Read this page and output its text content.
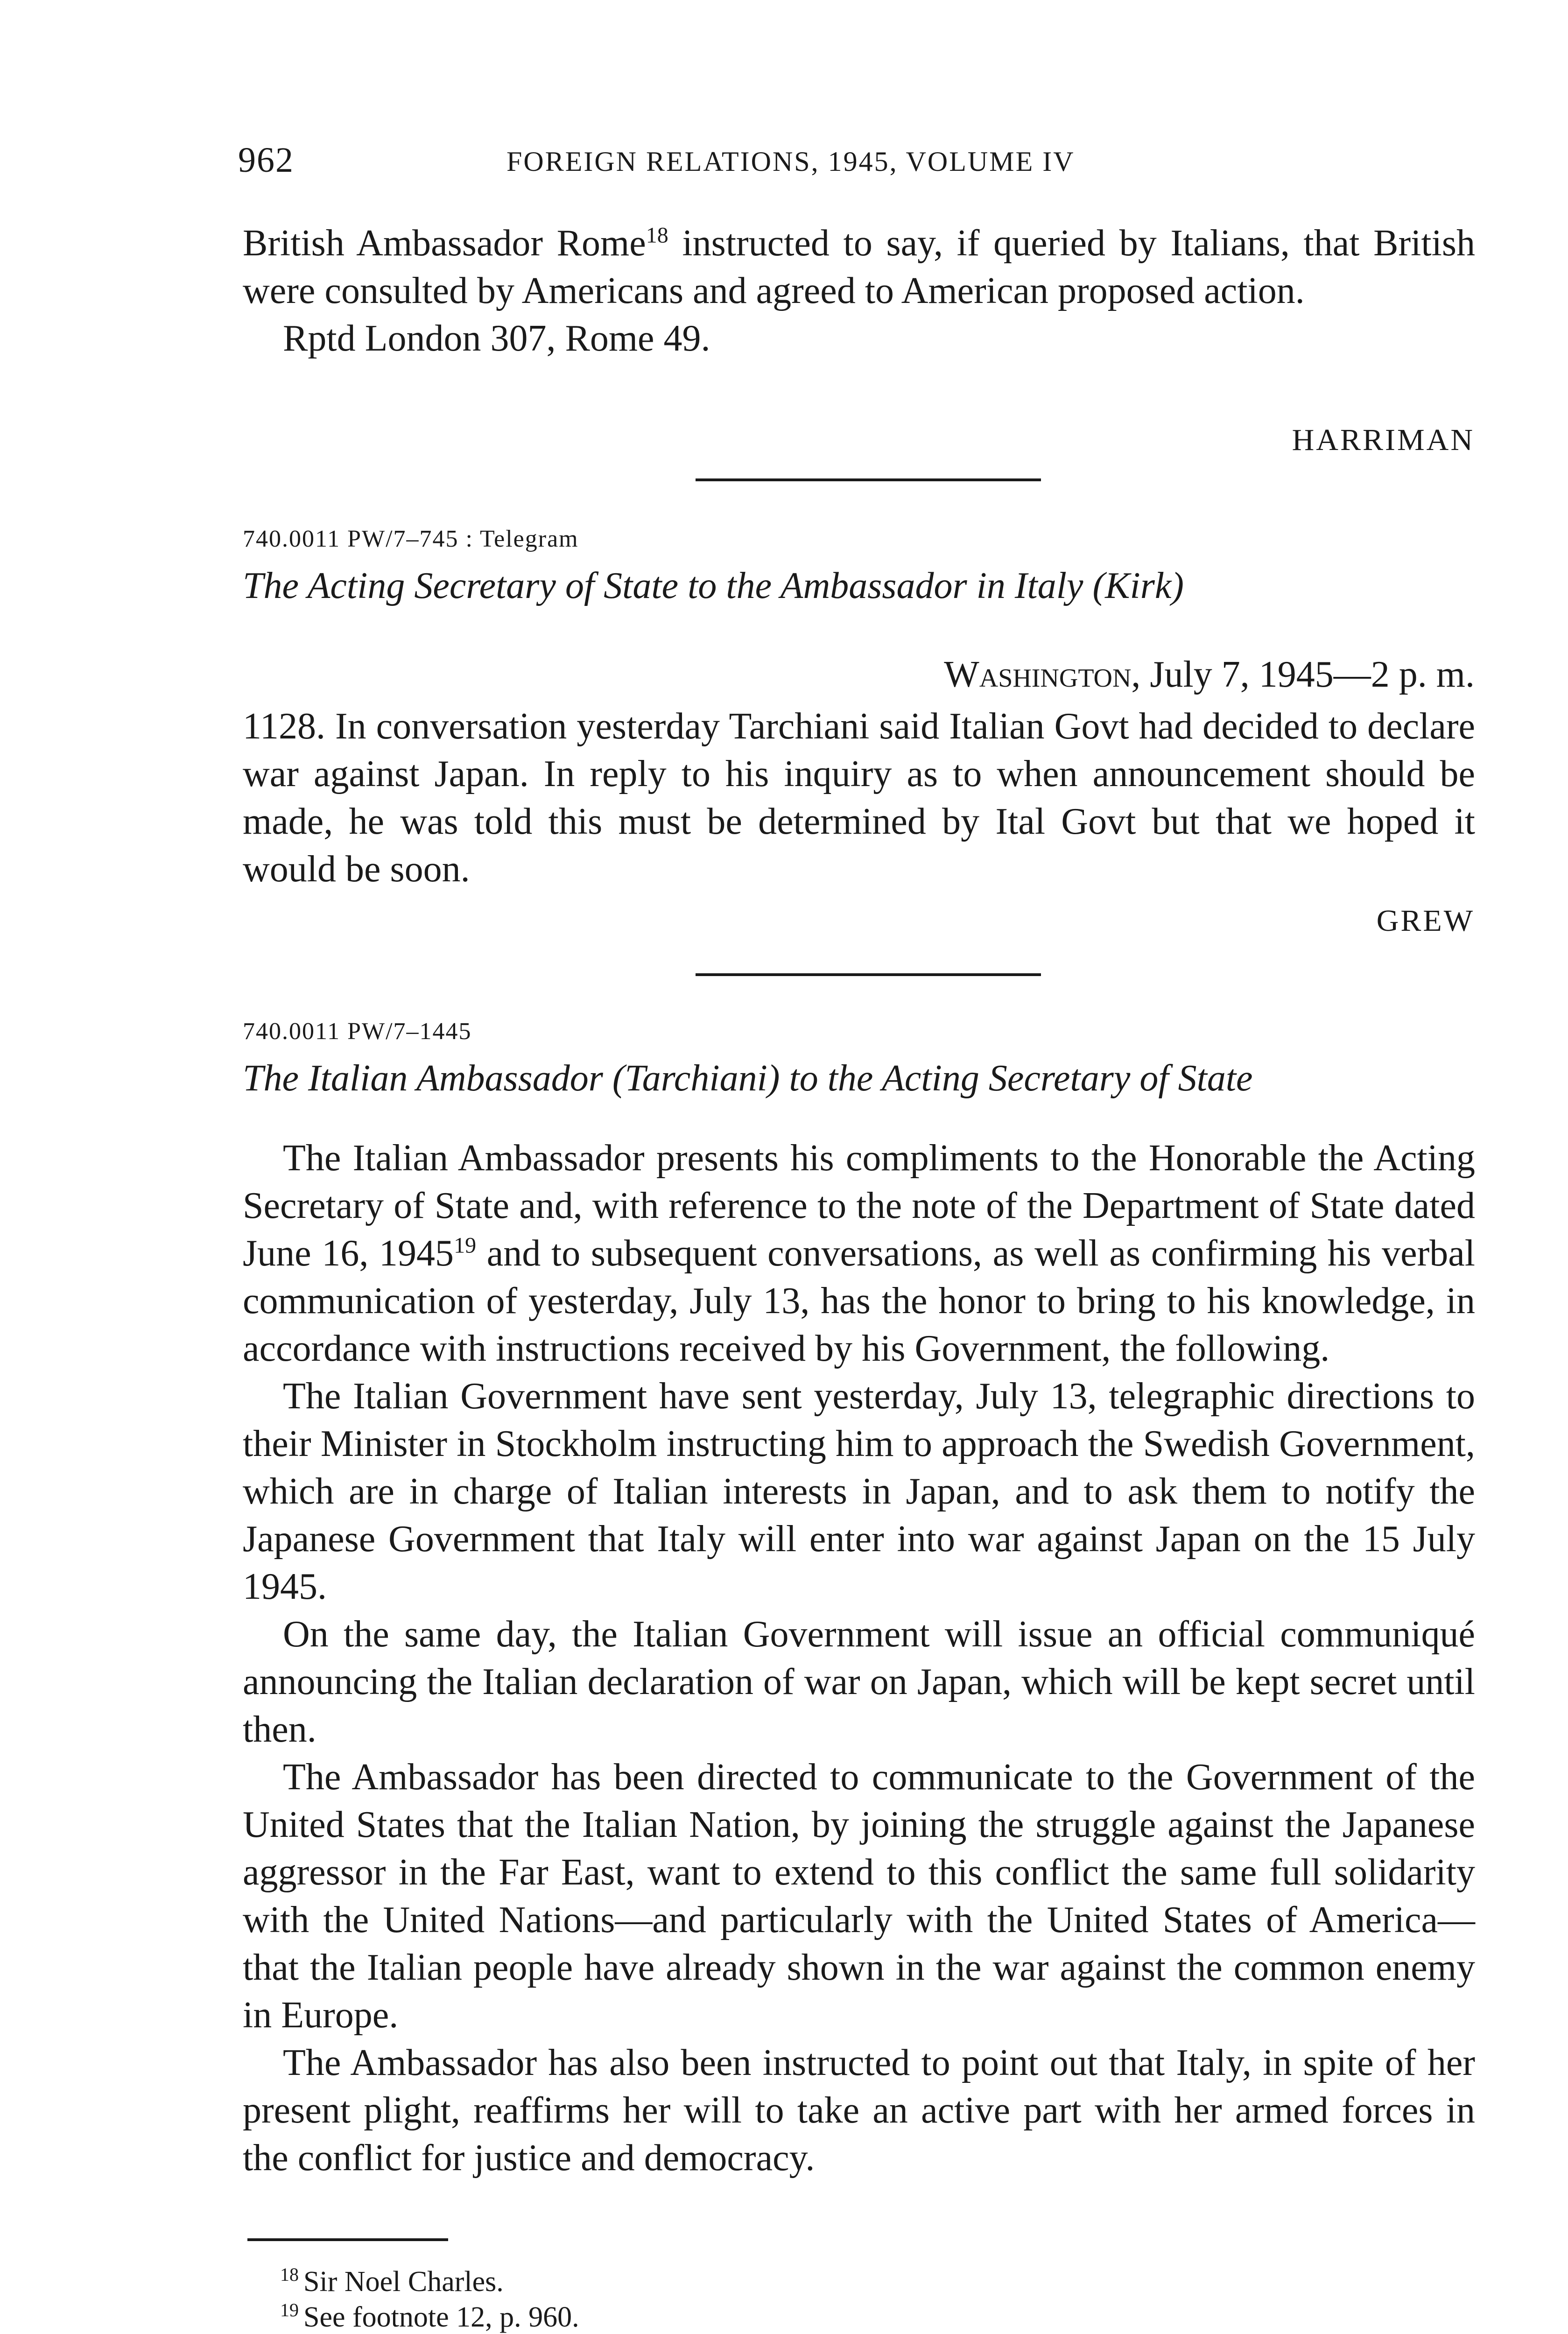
962	FOREIGN RELATIONS, 1945, VOLUME IV

British Ambassador Rome$^{18}$ instructed to say, if queried by Italians, that British were consulted by Americans and agreed to American proposed action.

Rptd London 307, Rome 49.

HARRIMAN
740.0011 PW/7–745 : Telegram
The Acting Secretary of State to the Ambassador in Italy (Kirk)
Washington, July 7, 1945—2 p. m.

1128. In conversation yesterday Tarchiani said Italian Govt had decided to declare war against Japan. In reply to his inquiry as to when announcement should be made, he was told this must be determined by Ital Govt but that we hoped it would be soon.

GREW
740.0011 PW/7–1445
The Italian Ambassador (Tarchiani) to the Acting Secretary of State

The Italian Ambassador presents his compliments to the Honorable the Acting Secretary of State and, with reference to the note of the Department of State dated June 16, 1945$^{19}$ and to subsequent conversations, as well as confirming his verbal communication of yesterday, July 13, has the honor to bring to his knowledge, in accordance with instructions received by his Government, the following.

The Italian Government have sent yesterday, July 13, telegraphic directions to their Minister in Stockholm instructing him to approach the Swedish Government, which are in charge of Italian interests in Japan, and to ask them to notify the Japanese Government that Italy will enter into war against Japan on the 15 July 1945.

On the same day, the Italian Government will issue an official communiqué announcing the Italian declaration of war on Japan, which will be kept secret until then.

The Ambassador has been directed to communicate to the Government of the United States that the Italian Nation, by joining the struggle against the Japanese aggressor in the Far East, want to extend to this conflict the same full solidarity with the United Nations—and particularly with the United States of America—that the Italian people have already shown in the war against the common enemy in Europe.

The Ambassador has also been instructed to point out that Italy, in spite of her present plight, reaffirms her will to take an active part with her armed forces in the conflict for justice and democracy.

$^{18}$ Sir Noel Charles.
$^{19}$ See footnote 12, p. 960.
